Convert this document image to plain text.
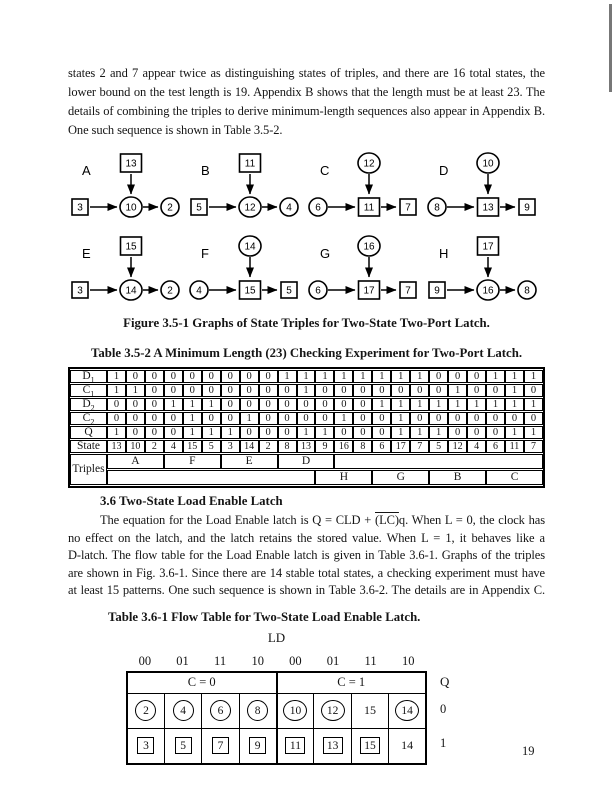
states 2 and 7 appear twice as distinguishing states of triples, and there are 16 total states, the
lower bound on the test length is 19. Appendix B shows that the length must be at least 23. The
details of combining the triples to derive minimum-length sequences also appear in Appendix B.
One such sequence is shown in Table 3.5-2.
A	13
3	10	2
B	11
5	12	4
C	12
6	11	7
D	10
8	13	9
E	15
3	14	2
F	14
4	15	5
G	16
6	17	7
H	17
9	16	8
Figure 3.5-1 Graphs of State Triples for Two-State Two-Port Latch.
Table 3.5-2 A Minimum Length (23) Checking Experiment for Two-Port Latch.
$D_1$	1	0	0	0	0	0	0	0	0	1	1	1	1	1	1	1	1	0	0	0	1	1	1
$C_1$	1	1	0	0	0	0	0	0	0	0	1	0	0	0	0	0	0	0	1	0	0	1	0
$D_2$	0	0	0	1	1	1	0	0	0	0	0	0	0	0	1	1	1	1	1	1	1	1	1
$C_2$	0	0	0	0	1	0	0	1	0	0	0	0	1	0	0	1	0	0	0	0	0	0	0
Q	1	0	0	0	1	1	1	0	0	0	1	1	0	0	0	1	1	1	0	0	0	1	1
State	13	10	2	4	15	5	3	14	2	8	13	9	16	8	6	17	7	5	12	4	6	11	7
Triples	A			F			E			D													
												H			G			B			C		
3.6 Two-State Load Enable Latch
The equation for the Load Enable latch is Q = CLD + (LC)q. When L = 0, the clock has
no effect on the latch, and the latch retains the stored value. When L = 1, it behaves like a
D-latch. The flow table for the Load Enable latch is given in Table 3.6-1. Graphs of the triples
are shown in Fig. 3.6-1. Since there are 14 stable total states, a checking experiment must have
at least 15 patterns. One such sequence is shown in Table 3.6-2. The details are in Appendix C.
Table 3.6-1 Flow Table for Two-State Load Enable Latch.
LD
00	01	11	10	00	01	11	10
C = 0				C = 1			
2	4	6	8	10	12	15	14
3	5	7	9	11	13	15	14
Q
0
1
19
